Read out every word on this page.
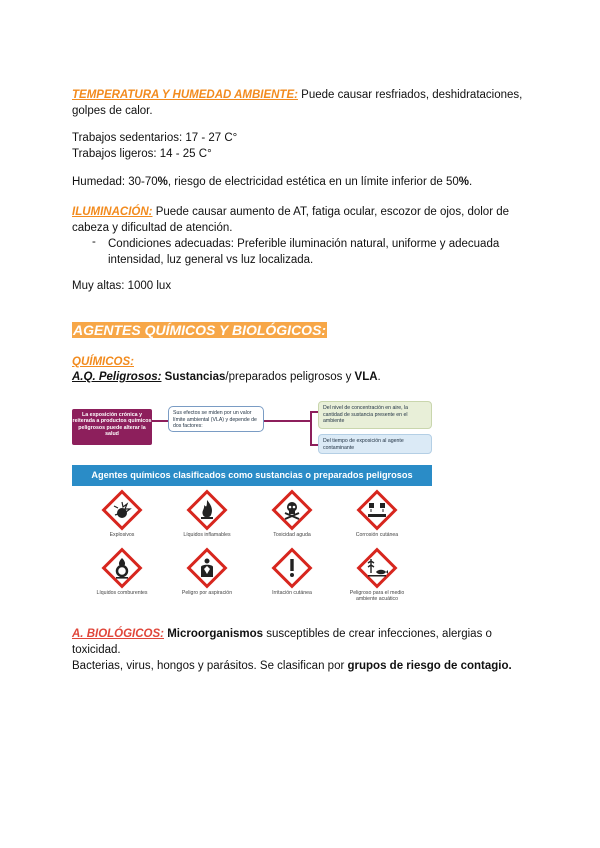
TEMPERATURA Y HUMEDAD AMBIENTE: Puede causar resfriados, deshidrataciones,
golpes de calor.

Trabajos sedentarios: 17 - 27 C°
Trabajos ligeros: 14 - 25 C°

Humedad: 30-70%, riesgo de electricidad estética en un límite inferior de 50%.

ILUMINACIÓN: Puede causar aumento de AT, fatiga ocular, escozor de ojos, dolor de
cabeza y dificultad de atención.

- Condiciones adecuadas: Preferible iluminación natural, uniforme y adecuada intensidad, luz general vs luz localizada.

Muy altas: 1000 lux

AGENTES QUÍMICOS Y BIOLÓGICOS:

QUÍMICOS:

A.Q. Peligrosos: Sustancias/preparados peligrosos y VLA.

La exposición crónica y reiterada a productos químicos peligrosos puede alterar la salud
Sus efectos se miden por un valor límite ambiental (VLA) y depende de dos factores:
Del nivel de concentración en aire, la cantidad de sustancia presente en el ambiente
Del tiempo de exposición al agente contaminante
Agentes químicos clasificados como sustancias o preparados peligrosos
Explosivos	Líquidos inflamables	Toxicidad aguda	Corrosión cutánea
Líquidos comburentes	Peligro por aspiración	Irritación cutánea	Peligroso para el medio ambiente acuático

A. BIOLÓGICOS: Microorganismos susceptibles de crear infecciones, alergias o toxicidad.
Bacterias, virus, hongos y parásitos. Se clasifican por grupos de riesgo de contagio.
